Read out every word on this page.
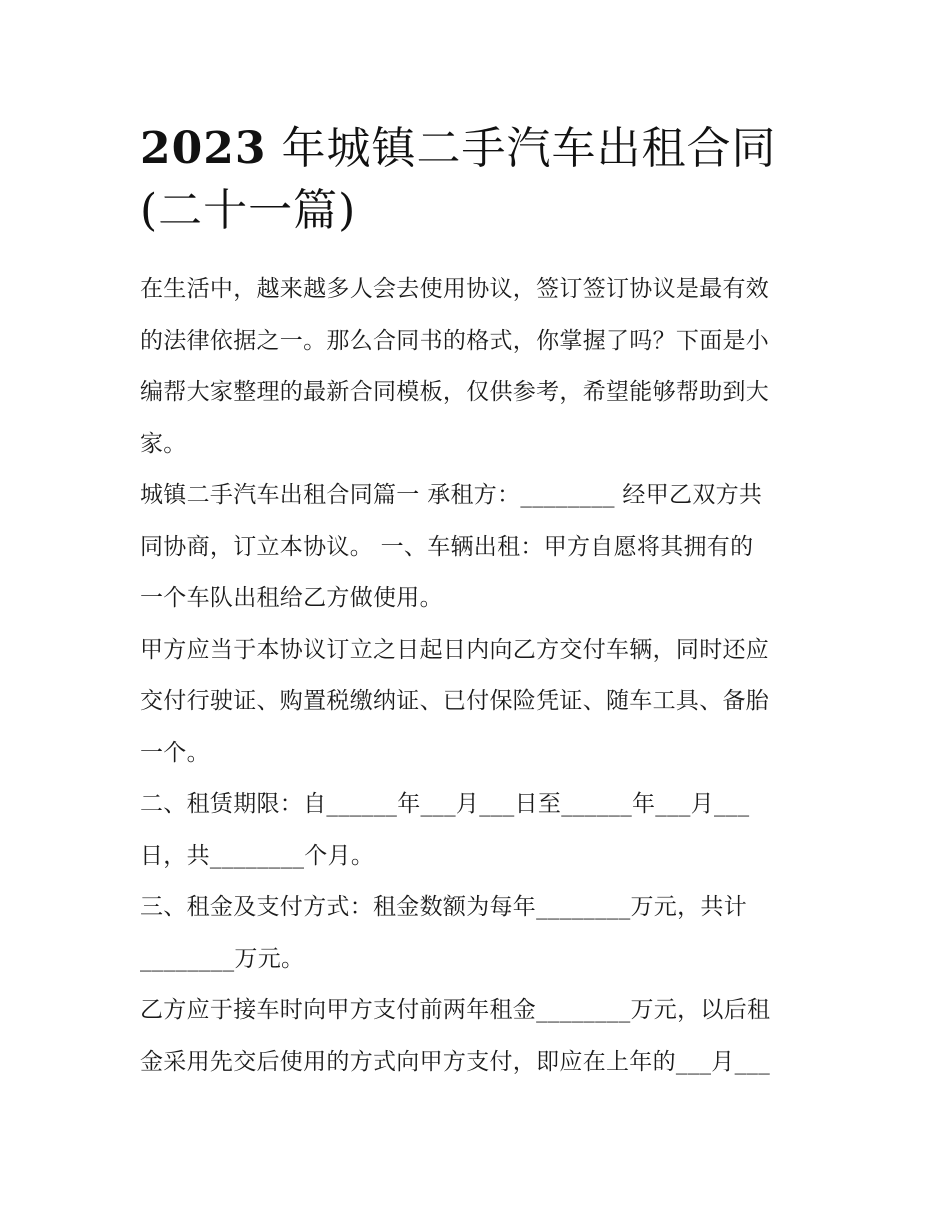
2023 年城镇二手汽车出租合同
(二十一篇)

在生活中，越来越多人会去使用协议，签订签订协议是最有效
的法律依据之一。那么合同书的格式，你掌握了吗？下面是小
编帮大家整理的最新合同模板，仅供参考，希望能够帮助到大
家。

城镇二手汽车出租合同篇一 承租方：________ 经甲乙双方共
同协商，订立本协议。 一、车辆出租：甲方自愿将其拥有的
一个车队出租给乙方做使用。

甲方应当于本协议订立之日起日内向乙方交付车辆，同时还应
交付行驶证、购置税缴纳证、已付保险凭证、随车工具、备胎
一个。

二、租赁期限：自______年___月___日至______年___月___
日，共________个月。

三、租金及支付方式：租金数额为每年________万元，共计
________万元。

乙方应于接车时向甲方支付前两年租金________万元，以后租
金采用先交后使用的方式向甲方支付，即应在上年的___月___
